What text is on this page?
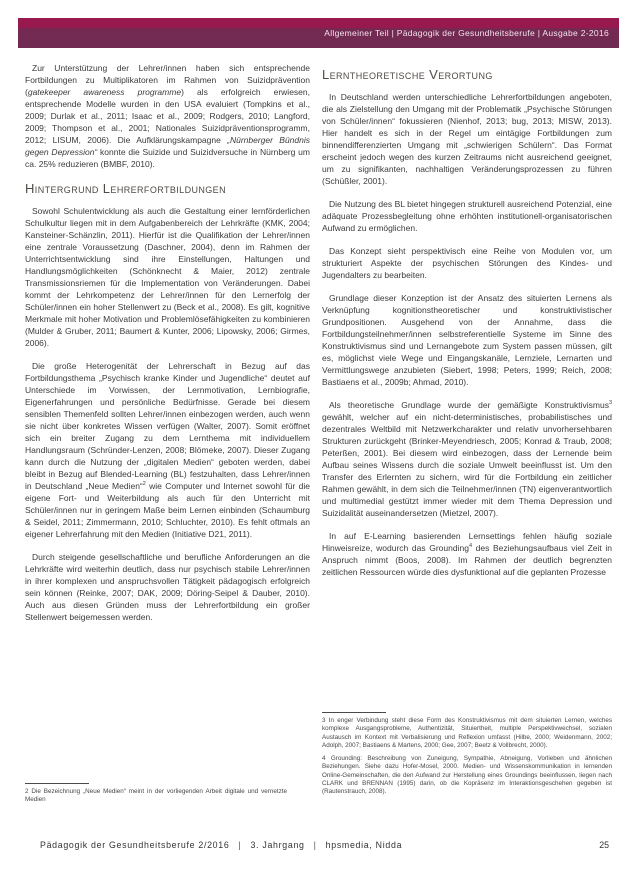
Allgemeiner Teil | Pädagogik der Gesundheitsberufe | Ausgabe 2-2016

Zur Unterstützung der Lehrer/innen haben sich entsprechende Fortbildungen zu Multiplikatoren im Rahmen von Suizidprävention (gatekeeper awareness programme) als erfolgreich erwiesen, entsprechende Modelle wurden in den USA evaluiert (Tompkins et al., 2009; Durlak et al., 2011; Isaac et al., 2009; Rodgers, 2010; Langford, 2009; Thompson et al., 2001; Nationales Suizidpräventionsprogramm, 2012; LISUM, 2006). Die Aufklärungskampagne „Nürnberger Bündnis gegen Depression“ konnte die Suizide und Suizidversuche in Nürnberg um ca. 25% reduzieren (BMBF, 2010).

Hintergrund Lehrerfortbildungen

Sowohl Schulentwicklung als auch die Gestaltung einer lernförderlichen Schulkultur liegen mit in dem Aufgabenbereich der Lehrkräfte (KMK, 2004; Kansteiner-Schänzlin, 2011). Hierfür ist die Qualifikation der Lehrer/innen eine zentrale Voraussetzung (Daschner, 2004), denn im Rahmen der Unterrichtsentwicklung sind ihre Einstellungen, Haltungen und Handlungsmöglichkeiten (Schönknecht & Maier, 2012) zentrale Transmissionsriemen für die Implementation von Veränderungen. Dabei kommt der Lehrkompetenz der Lehrer/innen für den Lernerfolg der Schüler/innen ein hoher Stellenwert zu (Beck et al., 2008). Es gilt, kognitive Merkmale mit hoher Motivation und Problemlösefähigkeiten zu kombinieren (Mulder & Gruber, 2011; Baumert & Kunter, 2006; Lipowsky, 2006; Girmes, 2006).

Die große Heterogenität der Lehrerschaft in Bezug auf das Fortbildungsthema „Psychisch kranke Kinder und Jugendliche“ deutet auf Unterschiede im Vorwissen, der Lernmotivation, Lernbiografie, Eigenerfahrungen und persönliche Bedürfnisse. Gerade bei diesem sensiblen Themenfeld sollten Lehrer/innen einbezogen werden, auch wenn sie nicht über konkretes Wissen verfügen (Walter, 2007). Somit eröffnet sich ein breiter Zugang zu dem Lernthema mit individuellem Handlungsraum (Schründer-Lenzen, 2008; Blömeke, 2007). Dieser Zugang kann durch die Nutzung der „digitalen Medien“ geboten werden, dabei bleibt in Bezug auf Blended-Learning (BL) festzuhalten, dass Lehrer/innen in Deutschland „Neue Medien“$^2$ wie Computer und Internet sowohl für die eigene Fort- und Weiterbildung als auch für den Unterricht mit Schüler/innen nur in geringem Maße beim Lernen einbinden (Schaumburg & Seidel, 2011; Zimmermann, 2010; Schluchter, 2010). Es fehlt oftmals an eigener Lehrerfahrung mit den Medien (Initiative D21, 2011).

Durch steigende gesellschaftliche und berufliche Anforderungen an die Lehrkräfte wird weiterhin deutlich, dass nur psychisch stabile Lehrer/innen in ihrer komplexen und anspruchsvollen Tätigkeit pädagogisch erfolgreich sein können (Reinke, 2007; DAK, 2009; Döring-Seipel & Dauber, 2010). Auch aus diesen Gründen muss der Lehrerfortbildung ein großer Stellenwert beigemessen werden.

Lerntheoretische Verortung

In Deutschland werden unterschiedliche Lehrerfortbildungen angeboten, die als Zielstellung den Umgang mit der Problematik „Psychische Störungen von Schüler/innen“ fokussieren (Nienhof, 2013; bug, 2013; MISW, 2013). Hier handelt es sich in der Regel um eintägige Fortbildungen zum binnendifferenzierten Umgang mit „schwierigen Schülern“. Das Format erscheint jedoch wegen des kurzen Zeitraums nicht ausreichend geeignet, um zu signifikanten, nachhaltigen Veränderungsprozessen zu führen (Schüßler, 2001).

Die Nutzung des BL bietet hingegen strukturell ausreichend Potenzial, eine adäquate Prozessbegleitung ohne erhöhten institutionell-organisatorischen Aufwand zu ermöglichen.

Das Konzept sieht perspektivisch eine Reihe von Modulen vor, um strukturiert Aspekte der psychischen Störungen des Kindes- und Jugendalters zu bearbeiten.

Grundlage dieser Konzeption ist der Ansatz des situierten Lernens als Verknüpfung kognitionstheoretischer und konstruktivistischer Grundpositionen. Ausgehend von der Annahme, dass die Fortbildungsteilnehmer/innen selbstreferentielle Systeme im Sinne des Konstruktivismus sind und Lernangebote zum System passen müssen, gilt es, möglichst viele Wege und Eingangskanäle, Lernziele, Lernarten und Vermittlungswege anzubieten (Siebert, 1998; Peters, 1999; Reich, 2008; Bastiaens et al., 2009b; Ahmad, 2010).

Als theoretische Grundlage wurde der gemäßigte Konstruktivismus$^3$ gewählt, welcher auf ein nicht-deterministisches, probabilistisches und dezentrales Weltbild mit Netzwerkcharakter und relativ unvorhersehbaren Strukturen zurückgeht (Brinker-Meyendriesch, 2005; Konrad & Traub, 2008; Peterßen, 2001). Bei diesem wird einbezogen, dass der Lernende beim Aufbau seines Wissens durch die soziale Umwelt beeinflusst ist. Um den Transfer des Erlernten zu sichern, wird für die Fortbildung ein zeitlicher Rahmen gewählt, in dem sich die Teilnehmer/innen (TN) eigenverantwortlich und multimedial gestützt immer wieder mit dem Thema Depression und Suizidalität auseinandersetzen (Mietzel, 2007).

In auf E-Learning basierenden Lernsettings fehlen häufig soziale Hinweisreize, wodurch das Grounding$^4$ des Beziehungsaufbaus viel Zeit in Anspruch nimmt (Boos, 2008). Im Rahmen der deutlich begrenzten zeitlichen Ressourcen würde dies dysfunktional auf die geplanten Prozesse

2 Die Bezeichnung „Neue Medien“ meint in der vorliegenden Arbeit digitale und vernetzte Medien

3 In enger Verbindung steht diese Form des Konstruktivismus mit dem situierten Lernen, welches komplexe Ausgangsprobleme, Authentizität, Situiertheit, multiple Perspektivwechsel, sozialen Austausch im Kontext mit Verbalisierung und Reflexion umfasst (Hilbe, 2000; Weidenmann, 2002; Adolph, 2007; Bastiaens & Martens, 2000; Gee, 2007; Beetz & Vollbrecht, 2000).

4 Grounding: Beschreibung von Zuneigung, Sympathie, Abneigung, Vorlieben und ähnlichen Beziehungen. Siehe dazu Hofer-Mosel, 2000. Medien- und Wissenskommunikation in lernenden Online-Gemeinschaften, die den Aufwand zur Herstellung eines Groundings beeinflussen, liegen nach CLARK und BRENNAN (1995) darin, ob die Kopräsenz im Interaktionsgeschehen gegeben ist (Rautenstrauch, 2008).

Pädagogik der Gesundheitsberufe 2/2016 | 3. Jahrgang | hpsmedia, Nidda	25
